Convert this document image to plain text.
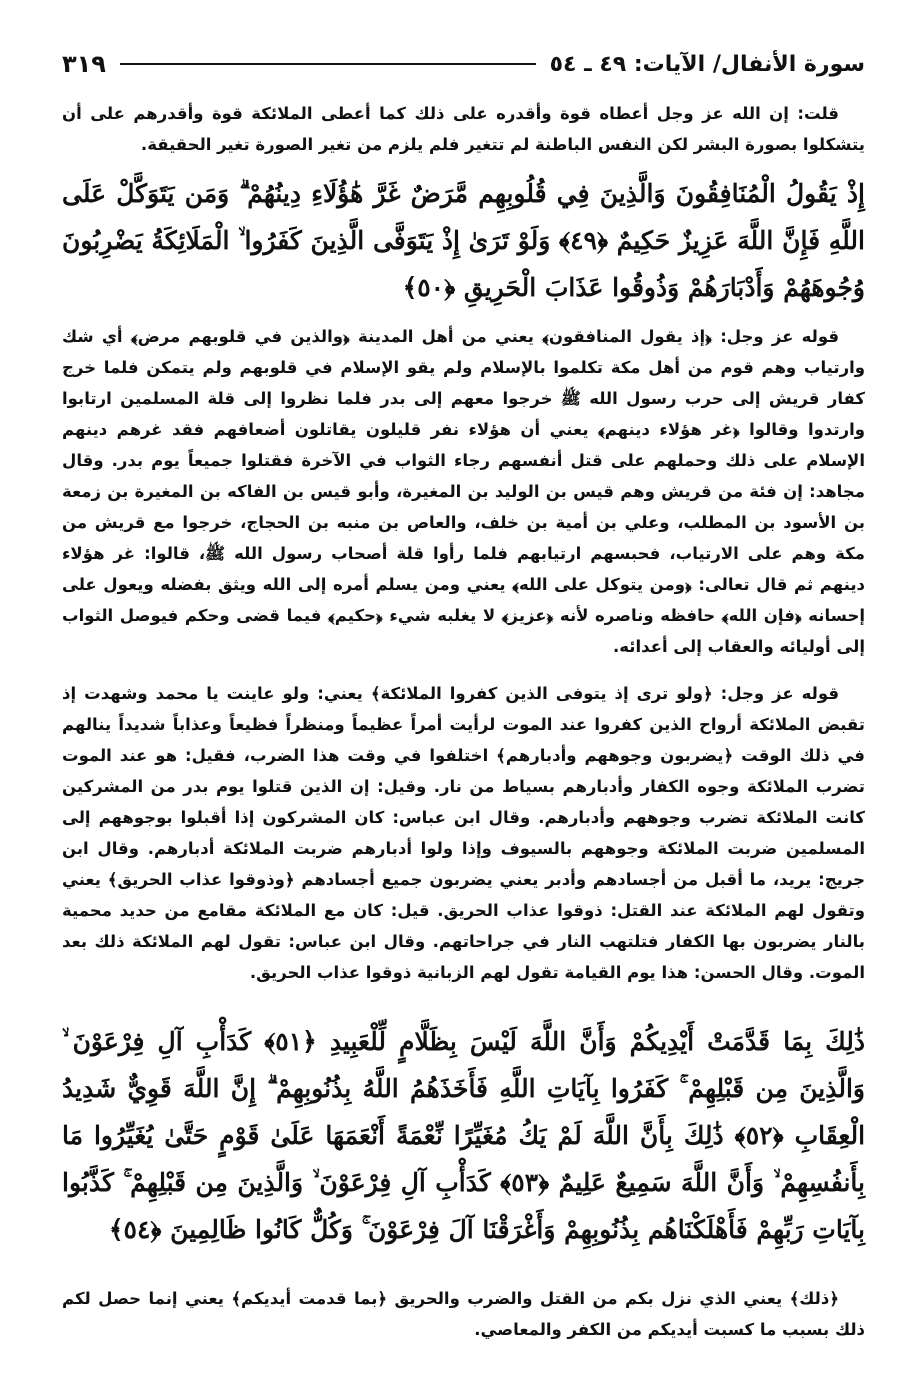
سورة الأنفال/ الآيات: ٤٩ ـ ٥٤
٣١٩

قلت: إن الله عز وجل أعطاه قوة وأقدره على ذلك كما أعطى الملائكة قوة وأقدرهم على أن يتشكلوا بصورة البشر لكن النفس الباطنة لم تتغير فلم يلزم من تغير الصورة تغير الحقيقة.

إِذْ يَقُولُ الْمُنَافِقُونَ وَالَّذِينَ فِي قُلُوبِهِم مَّرَضٌ غَرَّ هَٰؤُلَاءِ دِينُهُمْ ۗ وَمَن يَتَوَكَّلْ عَلَى اللَّهِ فَإِنَّ اللَّهَ عَزِيزٌ حَكِيمٌ ﴿٤٩﴾ وَلَوْ تَرَىٰ إِذْ يَتَوَفَّى الَّذِينَ كَفَرُوا ۙ الْمَلَائِكَةُ يَضْرِبُونَ وُجُوهَهُمْ وَأَدْبَارَهُمْ وَذُوقُوا عَذَابَ الْحَرِيقِ ﴿٥٠﴾

قوله عز وجل: ﴿إذ يقول المنافقون﴾ يعني من أهل المدينة ﴿والذين في قلوبهم مرض﴾ أي شك وارتياب وهم قوم من أهل مكة تكلموا بالإسلام ولم يقو الإسلام في قلوبهم ولم يتمكن فلما خرج كفار قريش إلى حرب رسول الله ﷺ خرجوا معهم إلى بدر فلما نظروا إلى قلة المسلمين ارتابوا وارتدوا وقالوا ﴿غر هؤلاء دينهم﴾ يعني أن هؤلاء نفر قليلون يقاتلون أضعافهم فقد غرهم دينهم الإسلام على ذلك وحملهم على قتل أنفسهم رجاء الثواب في الآخرة فقتلوا جميعاً يوم بدر. وقال مجاهد: إن فئة من قريش وهم قيس بن الوليد بن المغيرة، وأبو قيس بن الفاكه بن المغيرة بن زمعة بن الأسود بن المطلب، وعلي بن أمية بن خلف، والعاص بن منبه بن الحجاج، خرجوا مع قريش من مكة وهم على الارتياب، فحبسهم ارتيابهم فلما رأوا قلة أصحاب رسول الله ﷺ، قالوا: غر هؤلاء دينهم ثم قال تعالى: ﴿ومن يتوكل على الله﴾ يعني ومن يسلم أمره إلى الله ويثق بفضله ويعول على إحسانه ﴿فإن الله﴾ حافظه وناصره لأنه ﴿عزيز﴾ لا يغلبه شيء ﴿حكيم﴾ فيما قضى وحكم فيوصل الثواب إلى أوليائه والعقاب إلى أعدائه.

قوله عز وجل: ﴿ولو ترى إذ يتوفى الذين كفروا الملائكة﴾ يعني: ولو عاينت يا محمد وشهدت إذ تقبض الملائكة أرواح الذين كفروا عند الموت لرأيت أمراً عظيماً ومنظراً فظيعاً وعذاباً شديداً ينالهم في ذلك الوقت ﴿يضربون وجوههم وأدبارهم﴾ اختلفوا في وقت هذا الضرب، فقيل: هو عند الموت تضرب الملائكة وجوه الكفار وأدبارهم بسياط من نار. وقيل: إن الذين قتلوا يوم بدر من المشركين كانت الملائكة تضرب وجوههم وأدبارهم. وقال ابن عباس: كان المشركون إذا أقبلوا بوجوههم إلى المسلمين ضربت الملائكة وجوههم بالسيوف وإذا ولوا أدبارهم ضربت الملائكة أدبارهم. وقال ابن جريج: يريد، ما أقبل من أجسادهم وأدبر يعني يضربون جميع أجسادهم ﴿وذوقوا عذاب الحريق﴾ يعني وتقول لهم الملائكة عند القتل: ذوقوا عذاب الحريق. قيل: كان مع الملائكة مقامع من حديد محمية بالنار يضربون بها الكفار فتلتهب النار في جراحاتهم. وقال ابن عباس: تقول لهم الملائكة ذلك بعد الموت. وقال الحسن: هذا يوم القيامة تقول لهم الزبانية ذوقوا عذاب الحريق.

ذَٰلِكَ بِمَا قَدَّمَتْ أَيْدِيكُمْ وَأَنَّ اللَّهَ لَيْسَ بِظَلَّامٍ لِّلْعَبِيدِ ﴿٥١﴾ كَدَأْبِ آلِ فِرْعَوْنَ ۙ وَالَّذِينَ مِن قَبْلِهِمْ ۚ كَفَرُوا بِآيَاتِ اللَّهِ فَأَخَذَهُمُ اللَّهُ بِذُنُوبِهِمْ ۗ إِنَّ اللَّهَ قَوِيٌّ شَدِيدُ الْعِقَابِ ﴿٥٢﴾ ذَٰلِكَ بِأَنَّ اللَّهَ لَمْ يَكُ مُغَيِّرًا نِّعْمَةً أَنْعَمَهَا عَلَىٰ قَوْمٍ حَتَّىٰ يُغَيِّرُوا مَا بِأَنفُسِهِمْ ۙ وَأَنَّ اللَّهَ سَمِيعٌ عَلِيمٌ ﴿٥٣﴾ كَدَأْبِ آلِ فِرْعَوْنَ ۙ وَالَّذِينَ مِن قَبْلِهِمْ ۚ كَذَّبُوا بِآيَاتِ رَبِّهِمْ فَأَهْلَكْنَاهُم بِذُنُوبِهِمْ وَأَغْرَقْنَا آلَ فِرْعَوْنَ ۚ وَكُلٌّ كَانُوا ظَالِمِينَ ﴿٥٤﴾

﴿ذلك﴾ يعني الذي نزل بكم من القتل والضرب والحريق ﴿بما قدمت أيديكم﴾ يعني إنما حصل لكم ذلك بسبب ما كسبت أيديكم من الكفر والمعاصي.
